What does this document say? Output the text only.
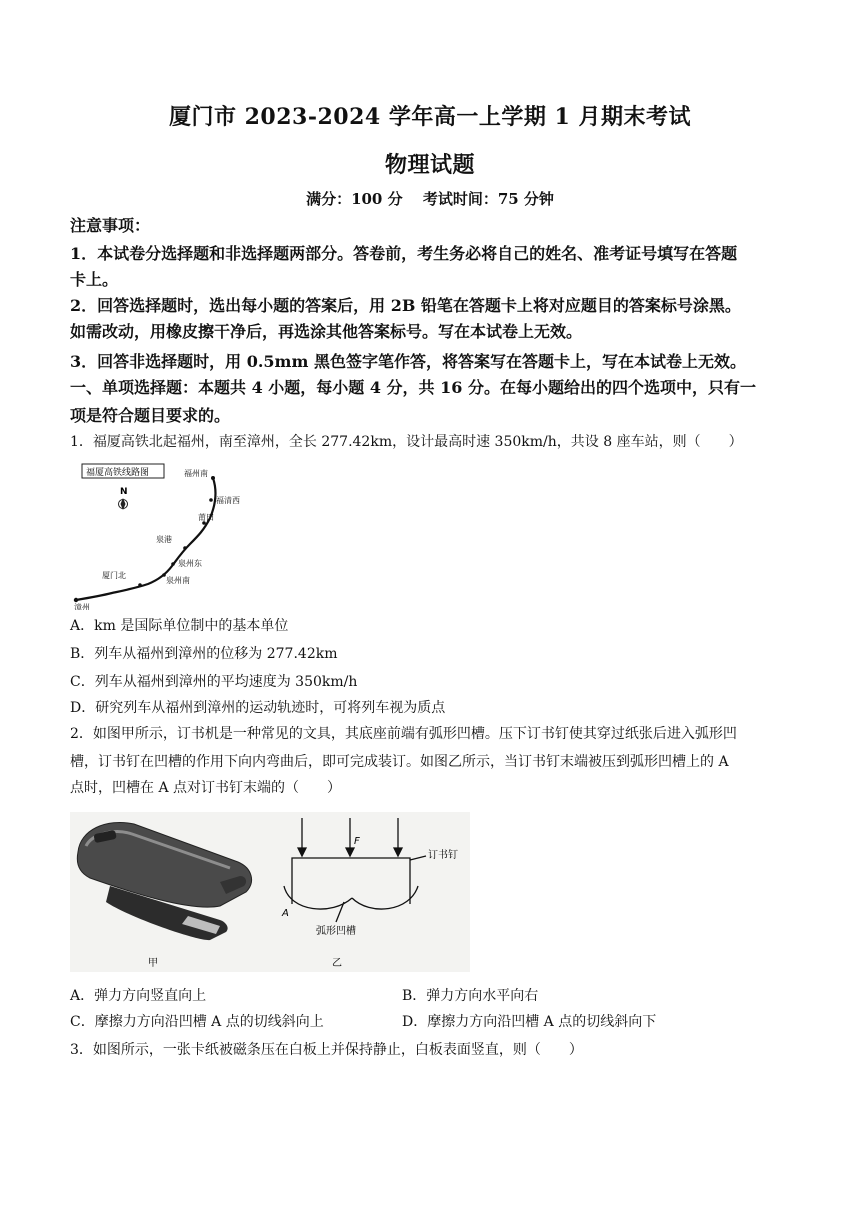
厦门市 2023-2024 学年高一上学期 1 月期末考试
物理试题
满分：100 分　 考试时间：75 分钟
注意事项：
1．本试卷分选择题和非选择题两部分。答卷前，考生务必将自己的姓名、准考证号填写在答题
卡上。
2．回答选择题时，选出每小题的答案后，用 2B 铅笔在答题卡上将对应题目的答案标号涂黑。
如需改动，用橡皮擦干净后，再选涂其他答案标号。写在本试卷上无效。
3．回答非选择题时，用 0.5mm 黑色签字笔作答，将答案写在答题卡上，写在本试卷上无效。
一、单项选择题：本题共 4 小题，每小题 4 分，共 16 分。在每小题给出的四个选项中，只有一
项是符合题目要求的。
1．福厦高铁北起福州，南至漳州，全长 277.42km，设计最高时速 350km/h，共设 8 座车站，则（　　）
福厦高铁线路图
N
福州南
福清西
莆田
泉港
泉州东
泉州南
厦门北
漳州
A．km 是国际单位制中的基本单位
B．列车从福州到漳州的位移为 277.42km
C．列车从福州到漳州的平均速度为 350km/h
D．研究列车从福州到漳州的运动轨迹时，可将列车视为质点
2．如图甲所示，订书机是一种常见的文具，其底座前端有弧形凹槽。压下订书钉使其穿过纸张后进入弧形凹
槽，订书钉在凹槽的作用下向内弯曲后，即可完成装订。如图乙所示，当订书钉末端被压到弧形凹槽上的 A
点时，凹槽在 A 点对订书钉末端的（　　）
甲
F
订书钉
A
弧形凹槽
乙
A．弹力方向竖直向上	B．弹力方向水平向右
C．摩擦力方向沿凹槽 A 点的切线斜向上	D．摩擦力方向沿凹槽 A 点的切线斜向下
3．如图所示，一张卡纸被磁条压在白板上并保持静止，白板表面竖直，则（　　）
